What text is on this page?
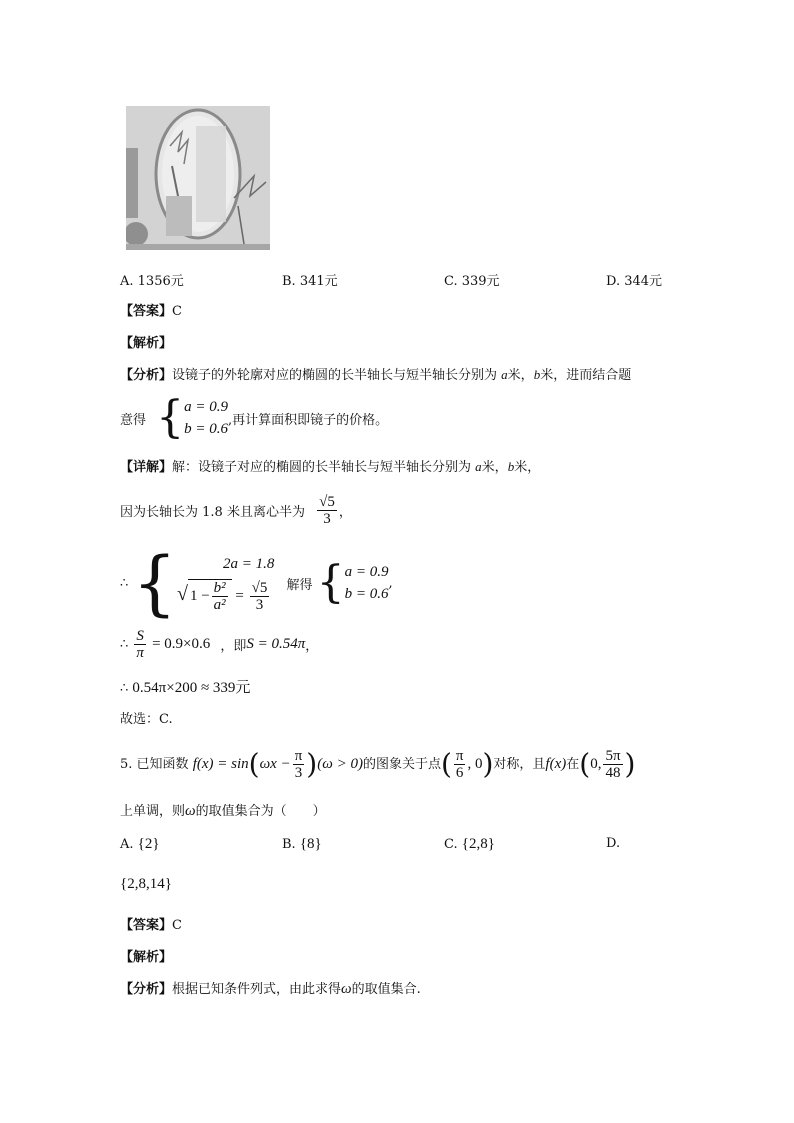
A. 1356元	B. 341元	C. 339元	D. 344元
【答案】C
【解析】
【分析】设镜子的外轮廓对应的椭圆的长半轴长与短半轴长分别为 a米，b米，进而结合题
意得 { a = 0.9
b = 0.6
,再计算面积即镜子的价格。
【详解】解：设镜子对应的椭圆的长半轴长与短半轴长分别为 a米，b米，
因为长轴长为 1.8 米且离心半为 $\frac{√5}{3}$ ，
∴ {	2a = 1.8
√ $1 - \frac{\text{b²}}{\text{a²}} = \frac{√5}{3}$ 解得 { a = 0.9
b = 0.6
,
∴ $\frac{S}{\pi} = 0.9\times 0.6$ ，即S = 0.54π，
∴ 0.54π×200 ≈ 339元
故选：C.
5. 已知函数 $f(x) = \sin(\omega x - \frac{\pi}{3} )(\omega > 0)$的图象关于点( $\frac{\pi}{6}$ , 0)对称，且f(x)在(0, $\frac{5\pi}{48}$ )
上单调，则ω的取值集合为（　　）
A. {2}	B. {8}	C. {2,8}	D.
{2,8,14}
【答案】C
【解析】
【分析】根据已知条件列式，由此求得ω的取值集合.
